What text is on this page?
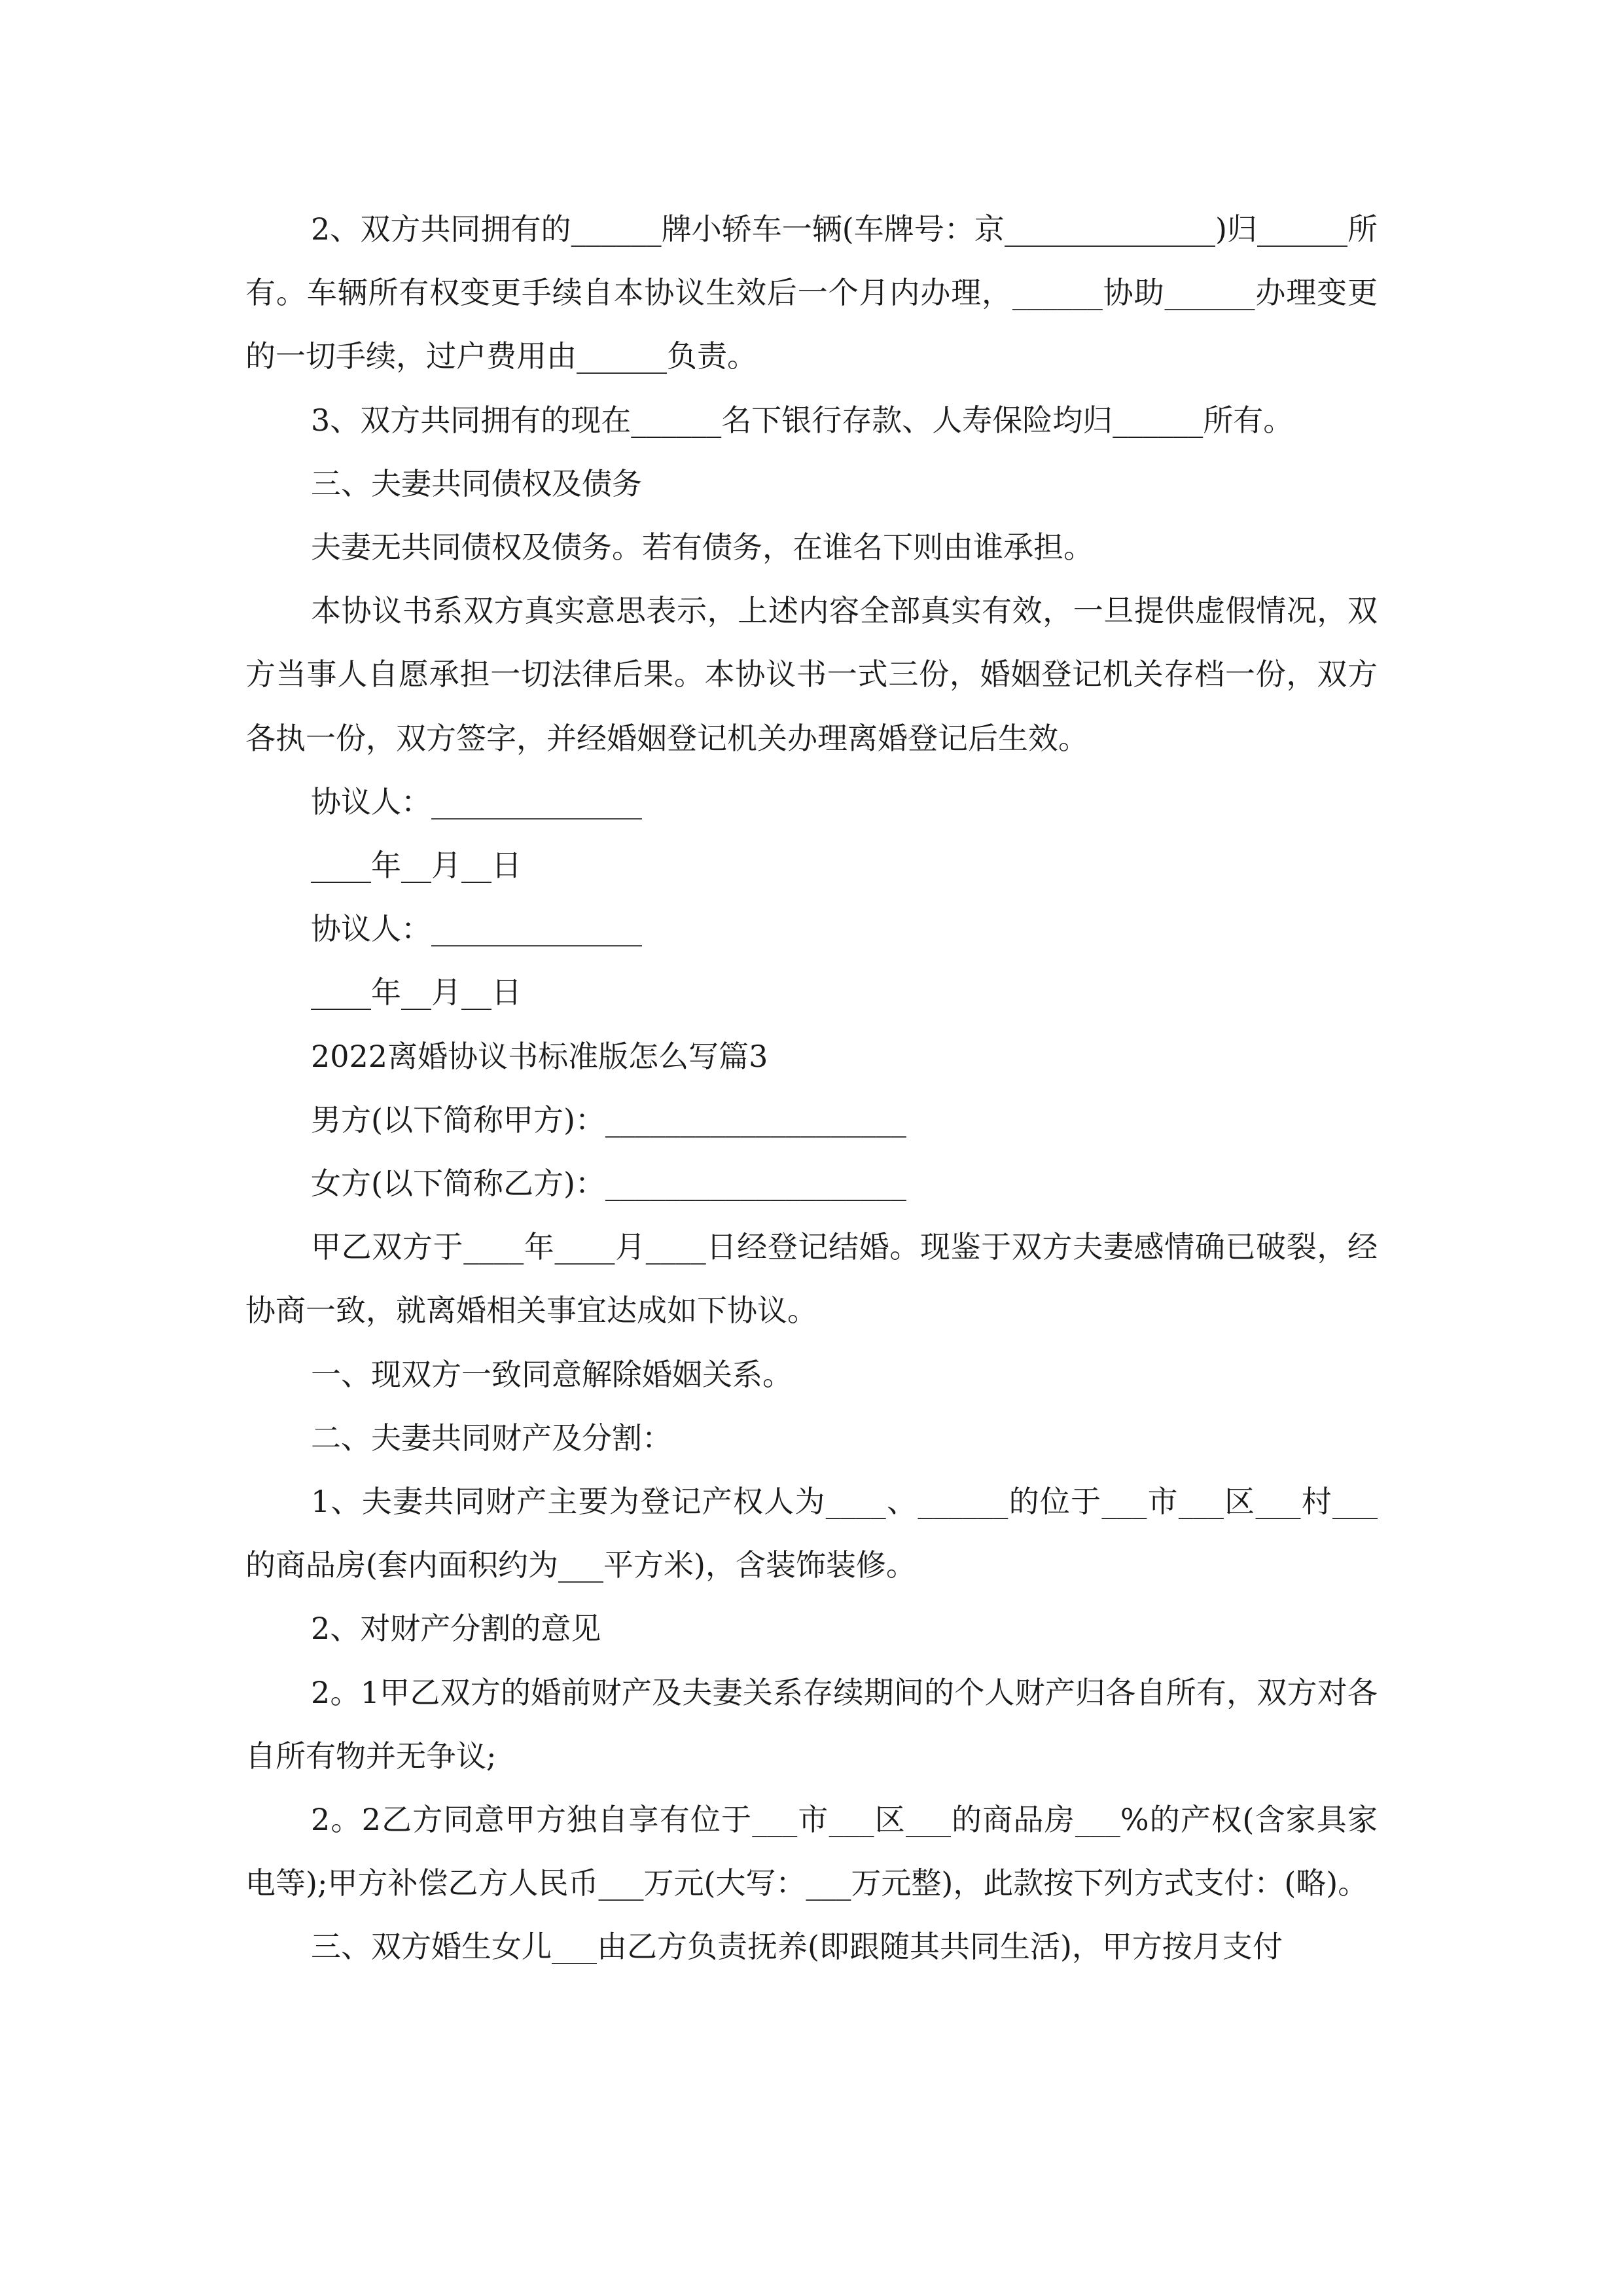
2、双方共同拥有的______牌小轿车一辆(车牌号：京______________)归______所有。车辆所有权变更手续自本协议生效后一个月内办理，______协助______办理变更的一切手续，过户费用由______负责。

3、双方共同拥有的现在______名下银行存款、人寿保险均归______所有。

三、夫妻共同债权及债务

夫妻无共同债权及债务。若有债务，在谁名下则由谁承担。

本协议书系双方真实意思表示，上述内容全部真实有效，一旦提供虚假情况，双方当事人自愿承担一切法律后果。本协议书一式三份，婚姻登记机关存档一份，双方各执一份，双方签字，并经婚姻登记机关办理离婚登记后生效。

协议人：______________

____年__月__日

协议人：______________

____年__月__日

2022离婚协议书标准版怎么写篇3

男方(以下简称甲方)：____________________

女方(以下简称乙方)：____________________

甲乙双方于____年____月____日经登记结婚。现鉴于双方夫妻感情确已破裂，经协商一致，就离婚相关事宜达成如下协议。

一、现双方一致同意解除婚姻关系。

二、夫妻共同财产及分割：

1、夫妻共同财产主要为登记产权人为____、______的位于___市___区___村___的商品房(套内面积约为___平方米)，含装饰装修。

2、对财产分割的意见

2。1甲乙双方的婚前财产及夫妻关系存续期间的个人财产归各自所有，双方对各自所有物并无争议;

2。2乙方同意甲方独自享有位于___市___区___的商品房___%的产权(含家具家电等);甲方补偿乙方人民币___万元(大写：___万元整)，此款按下列方式支付：(略)。

三、双方婚生女儿___由乙方负责抚养(即跟随其共同生活)，甲方按月支付
